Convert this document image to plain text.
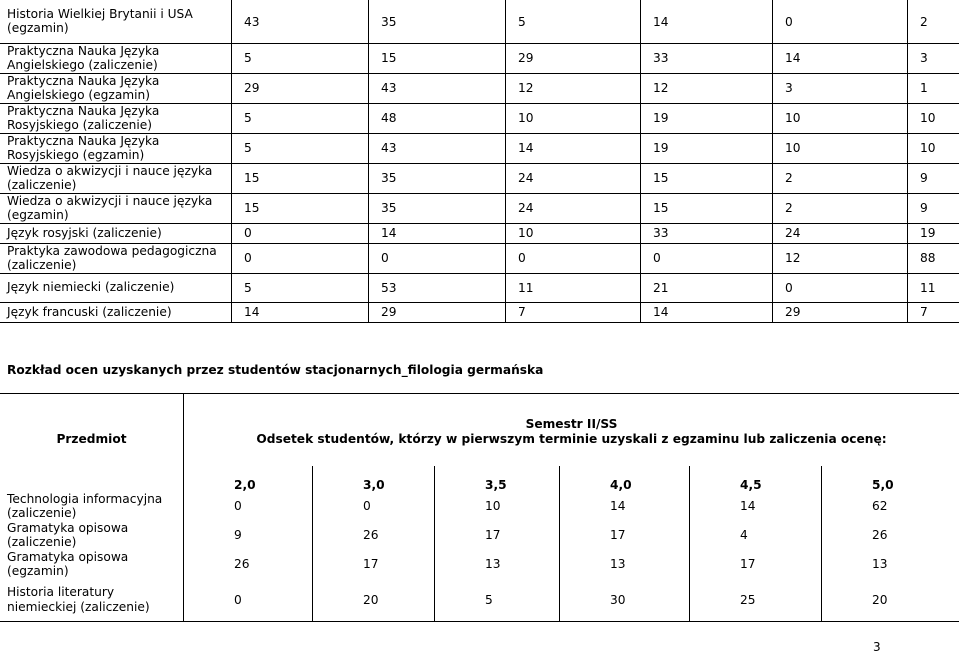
Historia Wielkiej Brytanii i USA (egzamin)	43	35	5	14	0	2
Praktyczna Nauka Języka Angielskiego (zaliczenie)	5	15	29	33	14	3
Praktyczna Nauka Języka Angielskiego (egzamin)	29	43	12	12	3	1
Praktyczna Nauka Języka Rosyjskiego (zaliczenie)	5	48	10	19	10	10
Praktyczna Nauka Języka Rosyjskiego (egzamin)	5	43	14	19	10	10
Wiedza o akwizycji i nauce języka (zaliczenie)	15	35	24	15	2	9
Wiedza o akwizycji i nauce języka (egzamin)	15	35	24	15	2	9
Język rosyjski (zaliczenie)	0	14	10	33	24	19
Praktyka zawodowa pedagogiczna (zaliczenie)	0	0	0	0	12	88
Język niemiecki (zaliczenie)	5	53	11	21	0	11
Język francuski (zaliczenie)	14	29	7	14	29	7
Rozkład ocen uzyskanych przez studentów stacjonarnych_filologia germańska
Przedmiot	Semestr II/SS
Odsetek studentów, którzy w pierwszym terminie uzyskali z egzaminu lub zaliczenia ocenę:					

	2,0	3,0	3,5	4,0	4,5	5,0
Technologia informacyjna (zaliczenie)	0	0	10	14	14	62
Gramatyka opisowa (zaliczenie)	9	26	17	17	4	26
Gramatyka opisowa (egzamin)	26	17	13	13	17	13
Historia literatury niemieckiej (zaliczenie)	0	20	5	30	25	20
3
